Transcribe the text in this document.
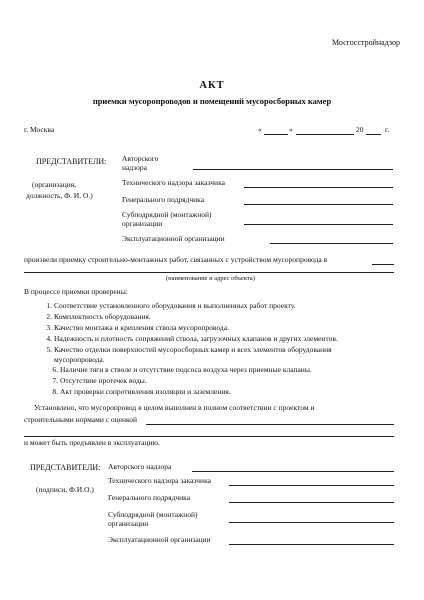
Мосгосстройнадзор
АКТ
приемки мусоропроводов и помещений мусоросборных камер
г. Москва	«	»	20	г.
ПРЕДСТАВИТЕЛИ:
(организация,
должность, Ф. И. О.)
Авторского
надзора
Технического надзора заказчика
Генерального подрядчика
Субподрядной (монтажной)
организации
Эксплуатационной организации
произвели приемку строительно-монтажных работ, связанных с устройством мусоропровода в
(наименование и адрес объекта)
В процессе приемки проверены:
1. Соответствие установленного оборудования и выполненных работ проекту.
2. Комплектность оборудования.
3. Качество монтажа и крепления ствола мусоропровода.
4. Надежность и плотность сопряжений ствола, загрузочных клапанов и других элементов.
5. Качество отделки поверхностей мусоросборных камер и всех элементов оборудования
мусоропровода.
6. Наличие тяги в стволе и отсутствие подсоса воздуха через приемные клапаны.
7. Отсутствие протечек воды.
8. Акт проверки сопротивления изоляции и заземления.
Установлено, что мусоропровод в целом выполнен в полном соответствии с проектом и
строительными нормами с оценкой
и может быть предъявлен в эксплуатацию.
ПРЕДСТАВИТЕЛИ:
(подписи, Ф.И.О.)
Авторского надзора
Технического надзора заказчика
Генерального подрядчика
Субподрядной (монтажной)
организации
Эксплуатационной организации
